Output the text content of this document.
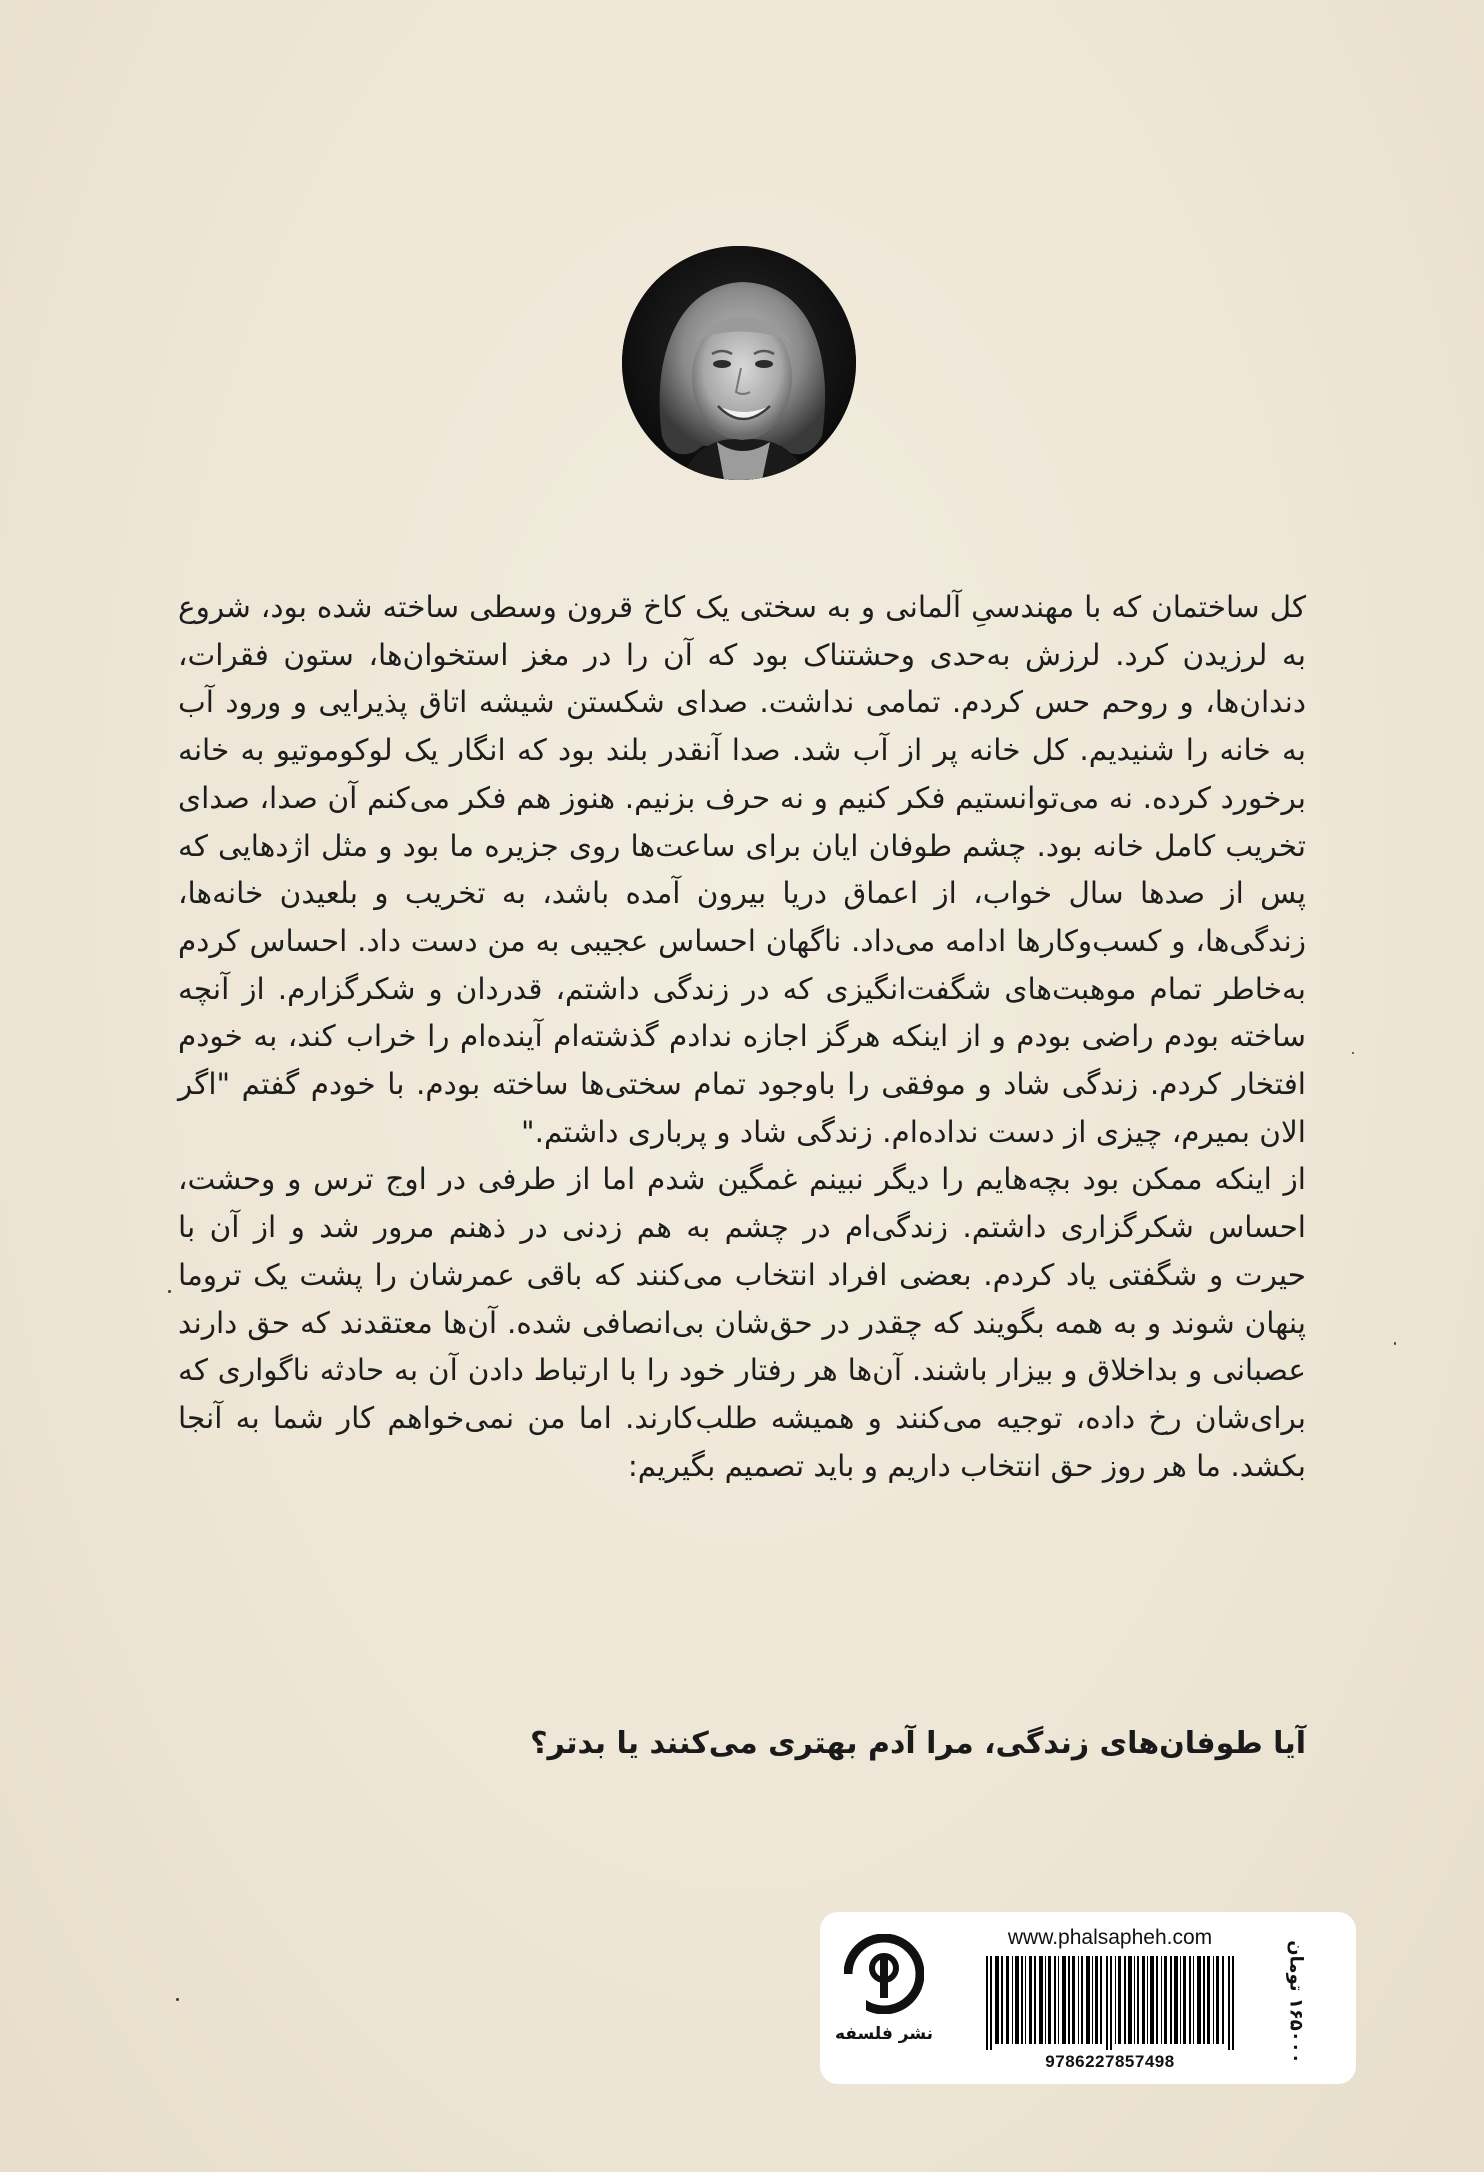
کل ساختمان که با مهندسیِ آلمانی و به سختی یک کاخ قرون وسطی ساخته شده بود، شروع به لرزیدن کرد. لرزش به‌حدی وحشتناک بود که آن را در مغز استخوان‌ها، ستون فقرات، دندان‌ها، و روحم حس کردم. تمامی نداشت. صدای شکستن شیشه اتاق پذیرایی و ورود آب به خانه را شنیدیم. کل خانه پر از آب شد. صدا آنقدر بلند بود که انگار یک لوکوموتیو به خانه برخورد کرده. نه می‌توانستیم فکر کنیم و نه حرف بزنیم. هنوز هم فکر می‌کنم آن صدا، صدای تخریب کامل خانه بود. چشم طوفان ایان برای ساعت‌ها روی جزیره ما بود و مثل اژدهایی که پس از صدها سال خواب، از اعماق دریا بیرون آمده باشد، به تخریب و بلعیدن خانه‌ها، زندگی‌ها، و کسب‌وکارها ادامه می‌داد. ناگهان احساس عجیبی به من دست داد. احساس کردم به‌خاطر تمام موهبت‌های شگفت‌انگیزی که در زندگی داشتم، قدردان و شکرگزارم. از آنچه ساخته بودم راضی بودم و از اینکه هرگز اجازه ندادم گذشته‌ام آینده‌ام را خراب کند، به خودم افتخار کردم. زندگی شاد و موفقی را باوجود تمام سختی‌ها ساخته بودم. با خودم گفتم "اگر الان بمیرم، چیزی از دست نداده‌ام. زندگی شاد و پرباری داشتم."

از اینکه ممکن بود بچه‌هایم را دیگر نبینم غمگین شدم اما از طرفی در اوج ترس و وحشت، احساس شکرگزاری داشتم. زندگی‌ام در چشم به هم زدنی در ذهنم مرور شد و از آن با حیرت و شگفتی یاد کردم. بعضی افراد انتخاب می‌کنند که باقی عمرشان را پشت یک تروما پنهان شوند و به همه بگویند که چقدر در حق‌شان بی‌انصافی شده. آن‌ها معتقدند که حق دارند عصبانی و بداخلاق و بیزار باشند. آن‌ها هر رفتار خود را با ارتباط دادن آن به حادثه ناگواری که برای‌شان رخ داده، توجیه می‌کنند و همیشه طلب‌کارند. اما من نمی‌خواهم کار شما به آنجا بکشد. ما هر روز حق انتخاب داریم و باید تصمیم بگیریم:

آیا طوفان‌های زندگی، مرا آدم بهتری می‌کنند یا بدتر؟
نشر فلسفه
www.phalsapheh.com
9786227857498
۱۶۵۰۰۰ تومان
